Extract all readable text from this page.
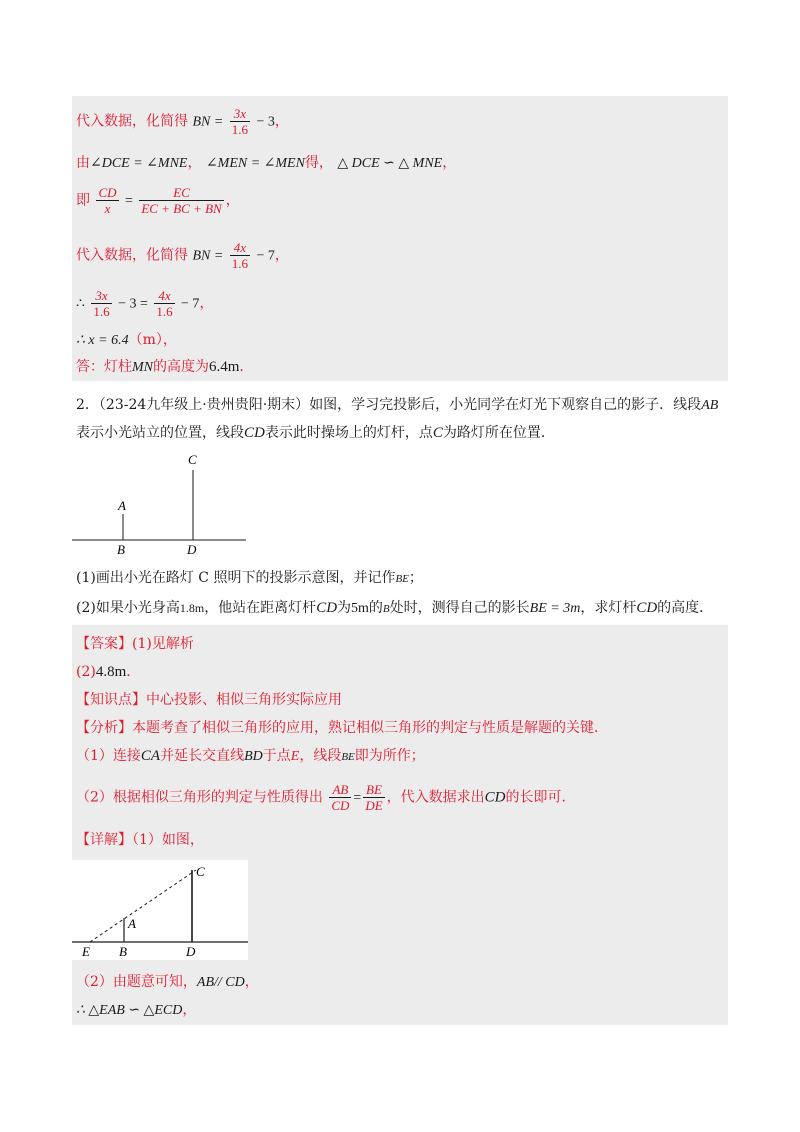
代入数据，化简得 BN = $\frac{3x}{1.6} - 3$，
由∠DCE = ∠MNE， ∠MEN = ∠MEN得， △ DCE ∽ △ MNE，
即 $\frac{CD}{x} = \frac{EC}{EC + BC + BN}$ ，
代入数据，化简得 BN = $\frac{4x}{1.6} - 7$，
∴ $\frac{3x}{1.6} - 3 = \frac{4x}{1.6} - 7$，
∴ x = 6.4（m），
答：灯柱MN的高度为6.4m．
2．（23-24九年级上·贵州贵阳·期末）如图，学习完投影后，小光同学在灯光下观察自己的影子．线段AB
表示小光站立的位置，线段CD表示此时操场上的灯杆，点C为路灯所在位置．
C
A
B	D
(1)画出小光在路灯 C 照明下的投影示意图，并记作BE；
(2)如果小光身高1.8m，他站在距离灯杆CD为5m的B处时，测得自己的影长BE = 3m，求灯杆CD的高度．
【答案】(1)见解析
(2)4.8m．
【知识点】中心投影、相似三角形实际应用
【分析】本题考查了相似三角形的应用，熟记相似三角形的判定与性质是解题的关键．
（1）连接CA并延长交直线BD于点E，线段BE即为所作；
（2）根据相似三角形的判定与性质得出 $\frac{AB}{CD} = \frac{BE}{DE}$ ，代入数据求出CD的长即可．
【详解】（1）如图，
C
A
E B	D
（2）由题意可知，AB// CD，
∴ △EAB ∽ △ECD，
